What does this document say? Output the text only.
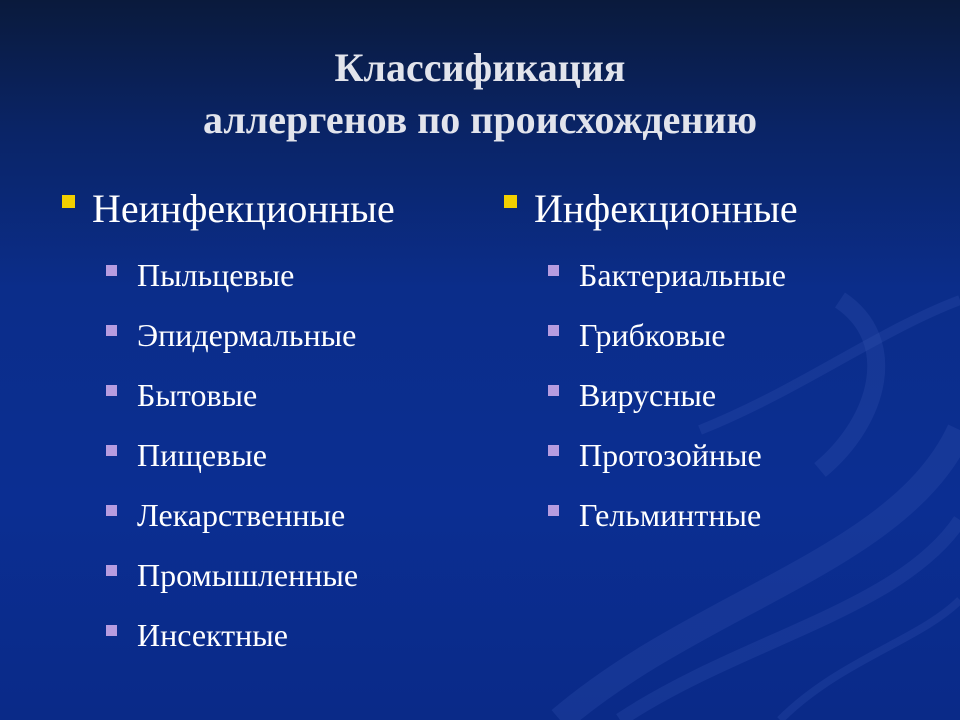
Классификация
аллергенов по происхождению
Неинфекционные
Пыльцевые
Эпидермальные
Бытовые
Пищевые
Лекарственные
Промышленные
Инсектные
Инфекционные
Бактериальные
Грибковые
Вирусные
Протозойные
Гельминтные
